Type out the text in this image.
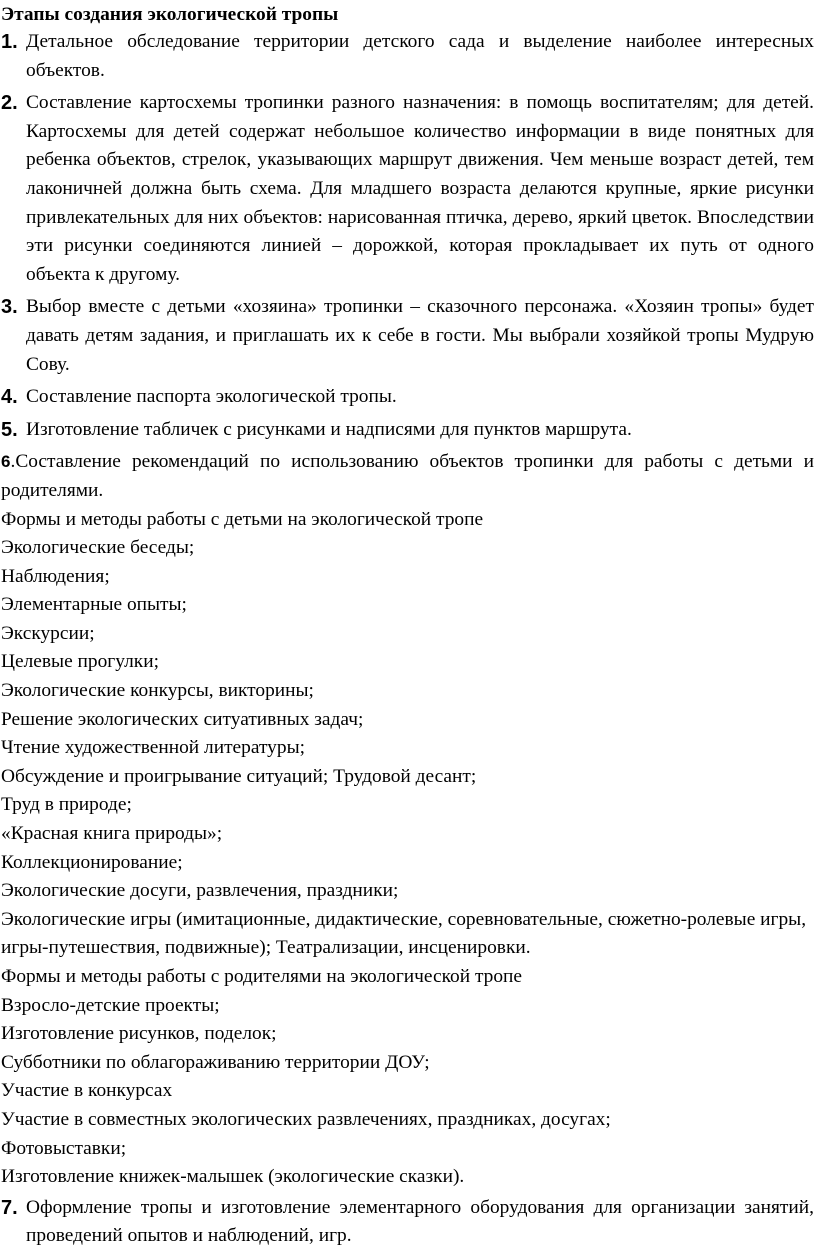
Этапы создания экологической тропы

1. Детальное обследование территории детского сада и выделение наиболее интересных объектов.
2. Составление картосхемы тропинки разного назначения: в помощь воспитателям; для детей. Картосхемы для детей содержат небольшое количество информации в виде понятных для ребенка объектов, стрелок, указывающих маршрут движения. Чем меньше возраст детей, тем лаконичней должна быть схема. Для младшего возраста делаются крупные, яркие рисунки привлекательных для них объектов: нарисованная птичка, дерево, яркий цветок. Впоследствии эти рисунки соединяются линией – дорожкой, которая прокладывает их путь от одного объекта к другому.
3. Выбор вместе с детьми «хозяина» тропинки – сказочного персонажа. «Хозяин тропы» будет давать детям задания, и приглашать их к себе в гости. Мы выбрали хозяйкой тропы Мудрую Сову.
4. Составление паспорта экологической тропы.
5. Изготовление табличек с рисунками и надписями для пунктов маршрута.

6.Составление рекомендаций по использованию объектов тропинки для работы с детьми и родителями.

Формы и методы работы с детьми на экологической тропе

Экологические беседы;

Наблюдения;

Элементарные опыты;

Экскурсии;

Целевые прогулки;

Экологические конкурсы, викторины;

Решение экологических ситуативных задач;

Чтение художественной литературы;

Обсуждение и проигрывание ситуаций; Трудовой десант;

Труд в природе;

«Красная книга природы»;

Коллекционирование;

Экологические досуги, развлечения, праздники;

Экологические игры (имитационные, дидактические, соревновательные, сюжетно-ролевые игры, игры-путешествия, подвижные); Театрализации, инсценировки.

Формы и методы работы с родителями на экологической тропе

Взросло-детские проекты;

Изготовление рисунков, поделок;

Субботники по облагораживанию территории ДОУ;

Участие в конкурсах

Участие в совместных экологических развлечениях, праздниках, досугах;

Фотовыставки;

Изготовление книжек-малышек (экологические сказки).

7. Оформление тропы и изготовление элементарного оборудования для организации занятий, проведений опытов и наблюдений, игр.
